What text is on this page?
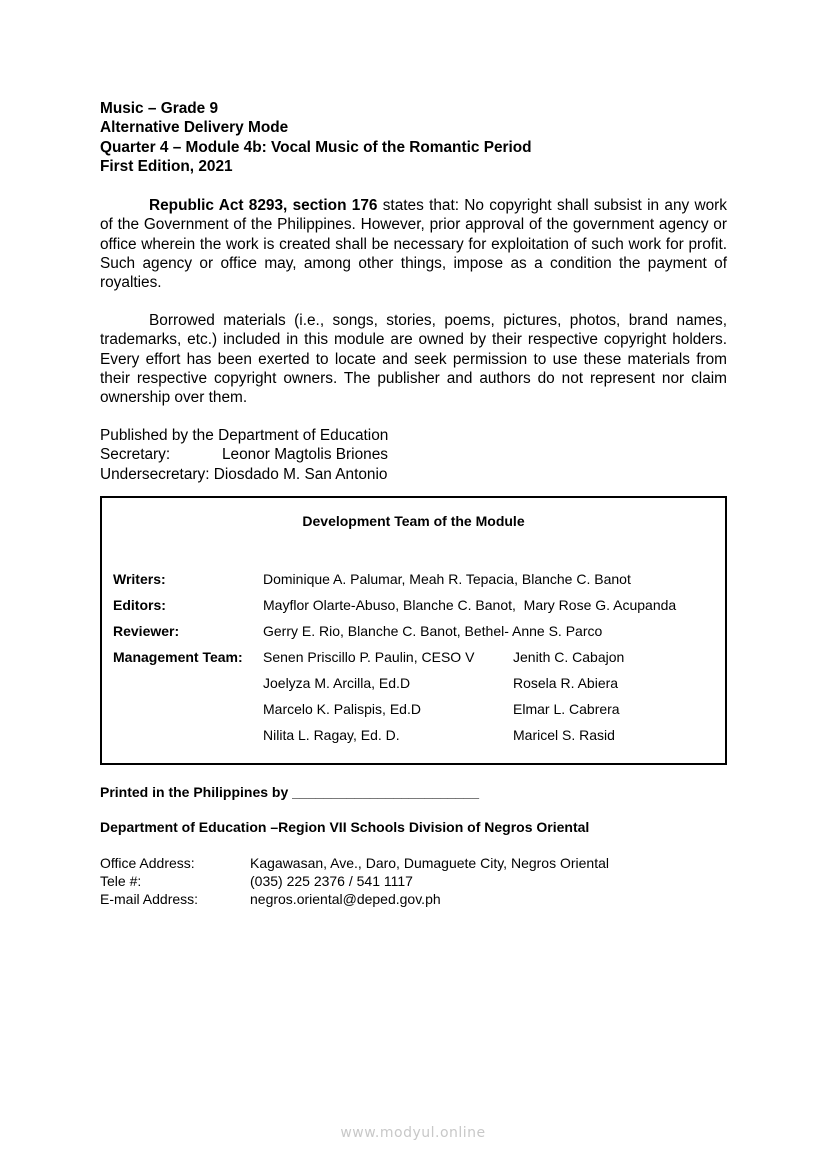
Music – Grade 9
Alternative Delivery Mode
Quarter 4 – Module 4b: Vocal Music of the Romantic Period
First Edition, 2021
Republic Act 8293, section 176 states that: No copyright shall subsist in any work of the Government of the Philippines. However, prior approval of the government agency or office wherein the work is created shall be necessary for exploitation of such work for profit. Such agency or office may, among other things, impose as a condition the payment of royalties.
Borrowed materials (i.e., songs, stories, poems, pictures, photos, brand names, trademarks, etc.) included in this module are owned by their respective copyright holders. Every effort has been exerted to locate and seek permission to use these materials from their respective copyright owners. The publisher and authors do not represent nor claim ownership over them.
Published by the Department of Education
Secretary:	Leonor Magtolis Briones
Undersecretary: Diosdado M. San Antonio
Development Team of the Module
Writers:	Dominique A. Palumar, Meah R. Tepacia, Blanche C. Banot
Editors:	Mayflor Olarte-Abuso, Blanche C. Banot,  Mary Rose G. Acupanda
Reviewer:	Gerry E. Rio, Blanche C. Banot, Bethel- Anne S. Parco
Management Team:	Senen Priscillo P. Paulin, CESO V	Jenith C. Cabajon
Joelyza M. Arcilla, Ed.D	Rosela R. Abiera
Marcelo K. Palispis, Ed.D	Elmar L. Cabrera
Nilita L. Ragay, Ed. D.	Maricel S. Rasid
Printed in the Philippines by ________________________
Department of Education –Region VII Schools Division of Negros Oriental
Office Address:	Kagawasan, Ave., Daro, Dumaguete City, Negros Oriental
Tele #:	(035) 225 2376 / 541 1117
E-mail Address:	negros.oriental@deped.gov.ph
www.modyul.online
